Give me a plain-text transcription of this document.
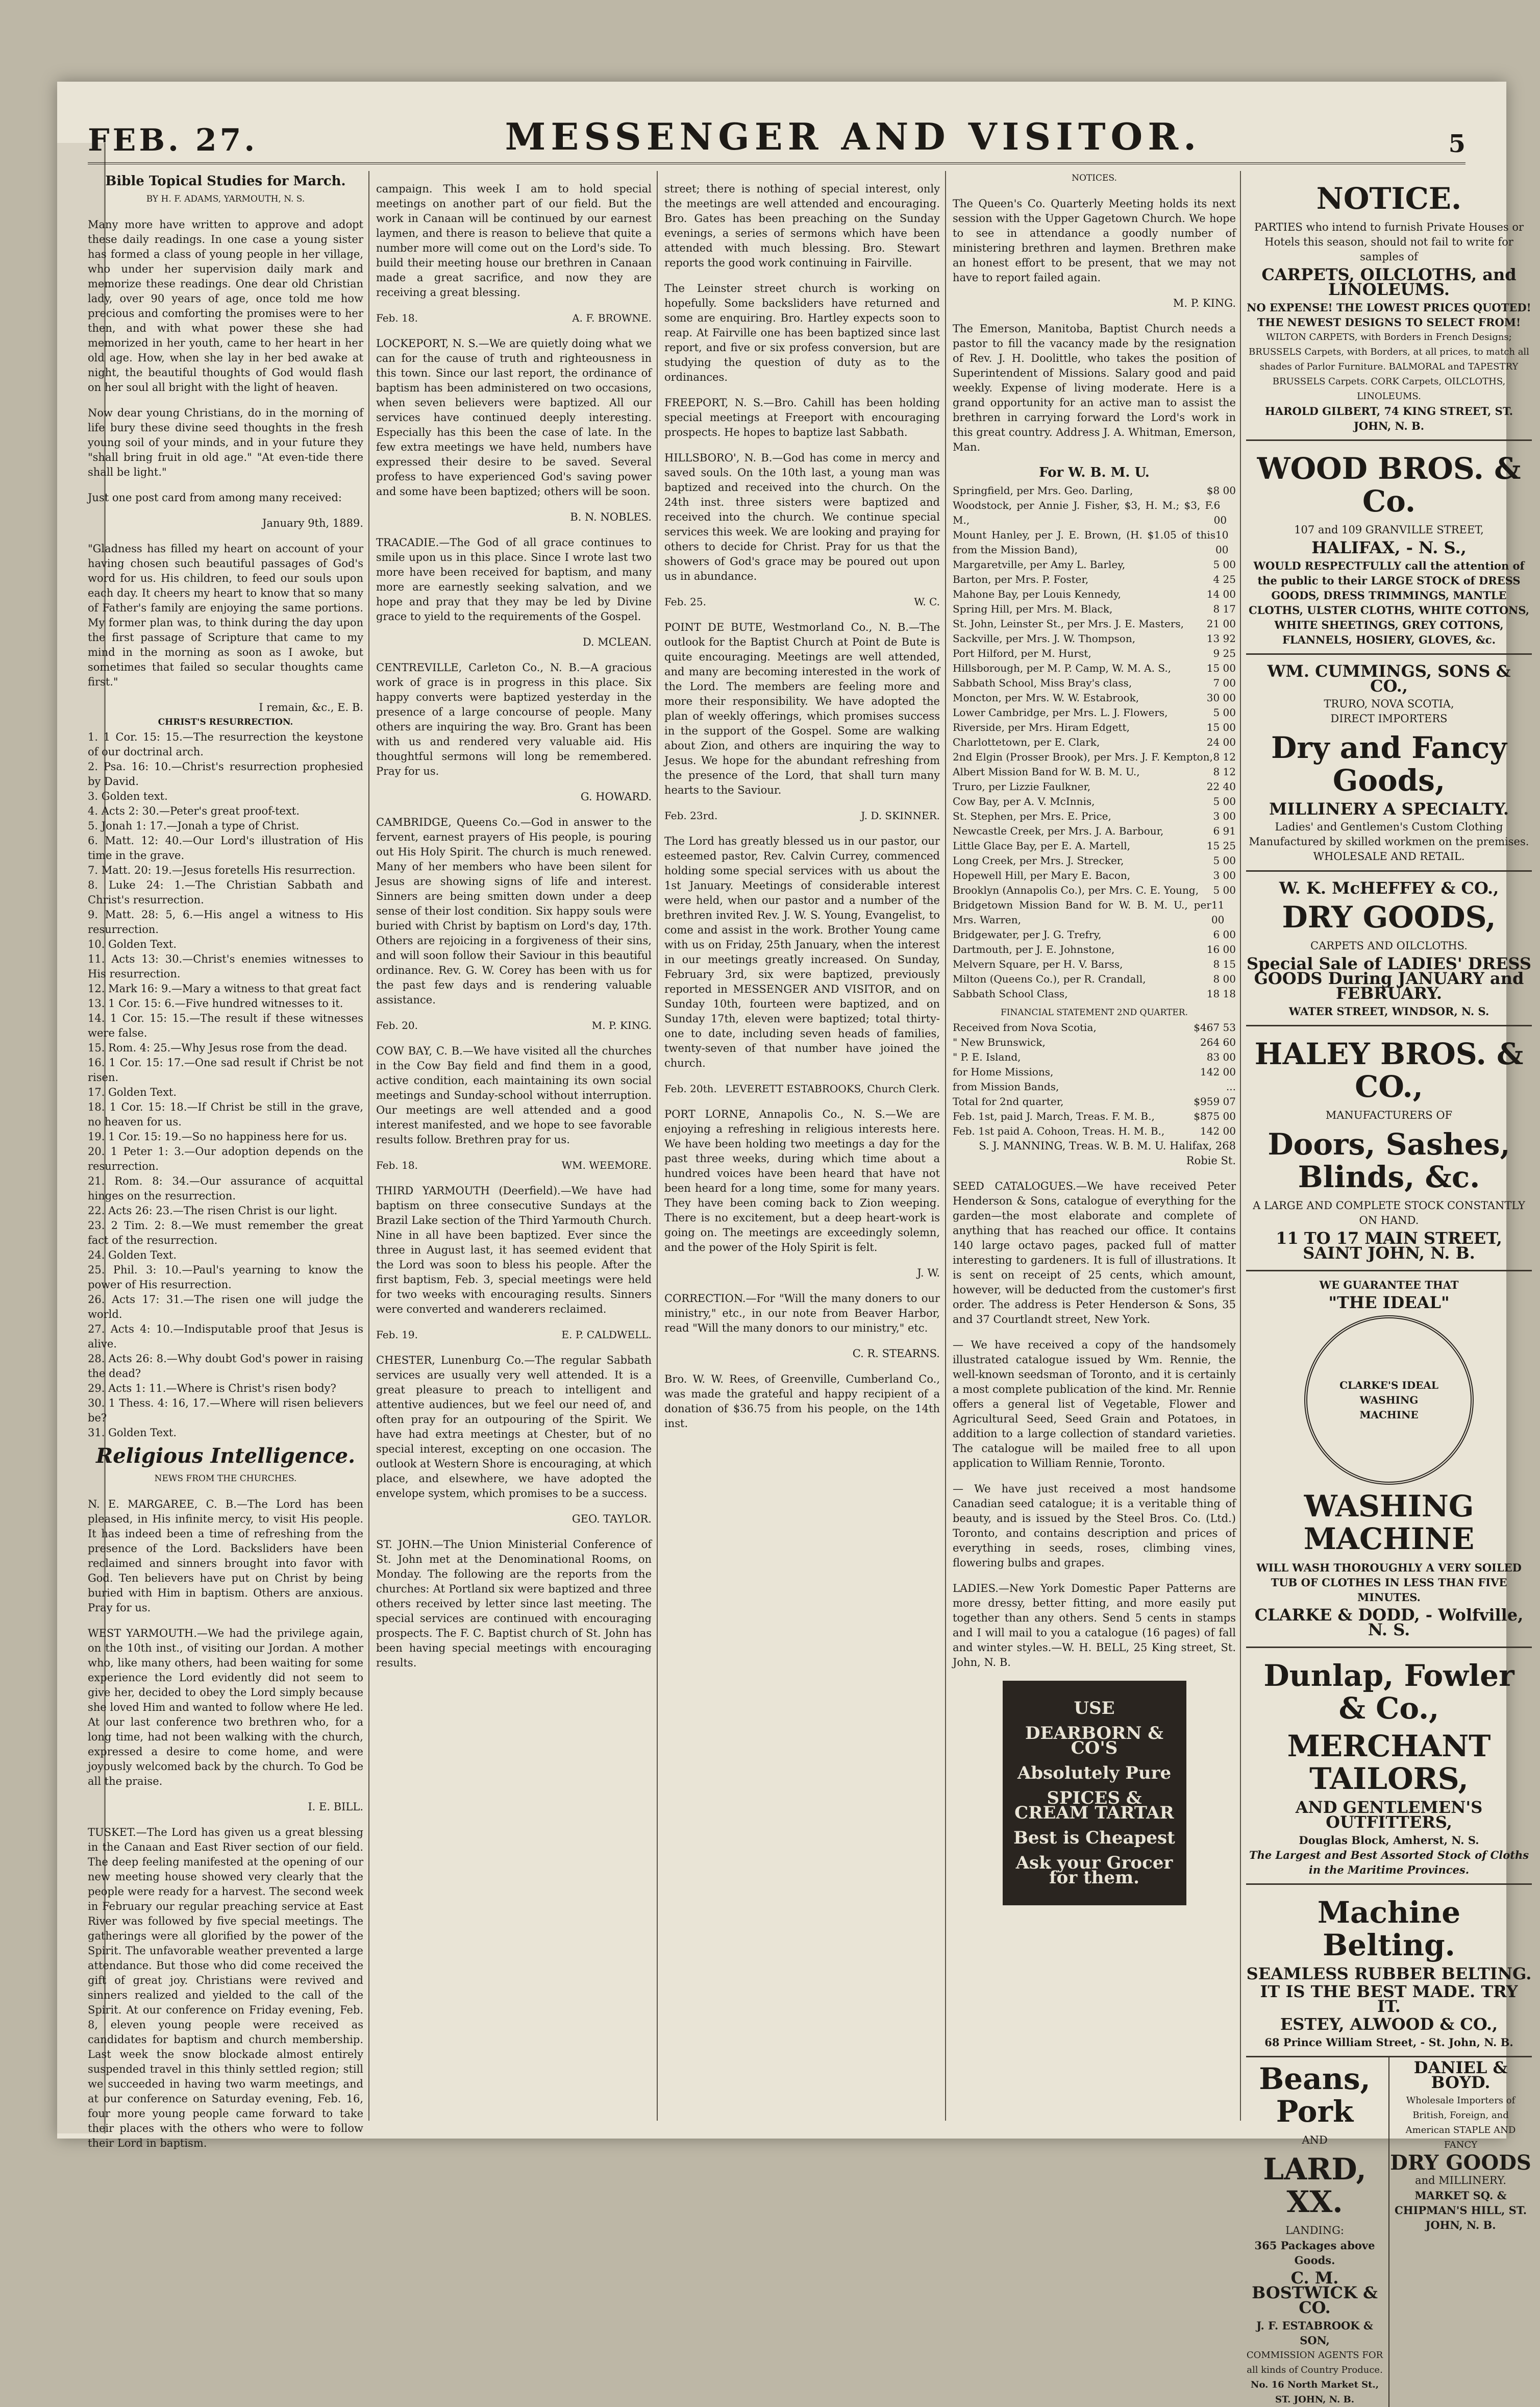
FEB. 27.	MESSENGER AND VISITOR.	5
Bible Topical Studies for March.
BY H. F. ADAMS, YARMOUTH, N. S.

Many more have written to approve and adopt these daily readings. In one case a young sister has formed a class of young people in her village, who under her supervision daily mark and memorize these readings. One dear old Christian lady, over 90 years of age, once told me how precious and comforting the promises were to her then, and with what power these she had memorized in her youth, came to her heart in her old age. How, when she lay in her bed awake at night, the beautiful thoughts of God would flash on her soul all bright with the light of heaven.

Now dear young Christians, do in the morning of life bury these divine seed thoughts in the fresh young soil of your minds, and in your future they "shall bring fruit in old age." "At even-tide there shall be light."

Just one post card from among many received:

January 9th, 1889.

"Gladness has filled my heart on account of your having chosen such beautiful passages of God's word for us. His children, to feed our souls upon each day. It cheers my heart to know that so many of Father's family are enjoying the same portions. My former plan was, to think during the day upon the first passage of Scripture that came to my mind in the morning as soon as I awoke, but sometimes that failed so secular thoughts came first."

I remain, &c., E. B.
CHRIST'S RESURRECTION.
1. 1 Cor. 15: 15.—The resurrection the keystone of our doctrinal arch.
2. Psa. 16: 10.—Christ's resurrection prophesied by David.
3. Golden text.
4. Acts 2: 30.—Peter's great proof-text.
5. Jonah 1: 17.—Jonah a type of Christ.
6. Matt. 12: 40.—Our Lord's illustration of His time in the grave.
7. Matt. 20: 19.—Jesus foretells His resurrection.
8. Luke 24: 1.—The Christian Sabbath and Christ's resurrection.
9. Matt. 28: 5, 6.—His angel a witness to His resurrection.
10. Golden Text.
11. Acts 13: 30.—Christ's enemies witnesses to His resurrection.
12. Mark 16: 9.—Mary a witness to that great fact
13. 1 Cor. 15: 6.—Five hundred witnesses to it.
14. 1 Cor. 15: 15.—The result if these witnesses were false.
15. Rom. 4: 25.—Why Jesus rose from the dead.
16. 1 Cor. 15: 17.—One sad result if Christ be not risen.
17. Golden Text.
18. 1 Cor. 15: 18.—If Christ be still in the grave, no heaven for us.
19. 1 Cor. 15: 19.—So no happiness here for us.
20. 1 Peter 1: 3.—Our adoption depends on the resurrection.
21. Rom. 8: 34.—Our assurance of acquittal hinges on the resurrection.
22. Acts 26: 23.—The risen Christ is our light.
23. 2 Tim. 2: 8.—We must remember the great fact of the resurrection.
24. Golden Text.
25. Phil. 3: 10.—Paul's yearning to know the power of His resurrection.
26. Acts 17: 31.—The risen one will judge the world.
27. Acts 4: 10.—Indisputable proof that Jesus is alive.
28. Acts 26: 8.—Why doubt God's power in raising the dead?
29. Acts 1: 11.—Where is Christ's risen body?
30. 1 Thess. 4: 16, 17.—Where will risen believers be?
31. Golden Text.
Religious Intelligence.
NEWS FROM THE CHURCHES.

N. E. MARGAREE, C. B.—The Lord has been pleased, in His infinite mercy, to visit His people. It has indeed been a time of refreshing from the presence of the Lord. Backsliders have been reclaimed and sinners brought into favor with God. Ten believers have put on Christ by being buried with Him in baptism. Others are anxious. Pray for us.

WEST YARMOUTH.—We had the privilege again, on the 10th inst., of visiting our Jordan. A mother who, like many others, had been waiting for some experience the Lord evidently did not seem to give her, decided to obey the Lord simply because she loved Him and wanted to follow where He led. At our last conference two brethren who, for a long time, had not been walking with the church, expressed a desire to come home, and were joyously welcomed back by the church. To God be all the praise.

I. E. BILL.

TUSKET.—The Lord has given us a great blessing in the Canaan and East River section of our field. The deep feeling manifested at the opening of our new meeting house showed very clearly that the people were ready for a harvest. The second week in February our regular preaching service at East River was followed by five special meetings. The gatherings were all glorified by the power of the Spirit. The unfavorable weather prevented a large attendance. But those who did come received the gift of great joy. Christians were revived and sinners realized and yielded to the call of the Spirit. At our conference on Friday evening, Feb. 8, eleven young people were received as candidates for baptism and church membership. Last week the snow blockade almost entirely suspended travel in this thinly settled region; still we succeeded in having two warm meetings, and at our conference on Saturday evening, Feb. 16, four more young people came forward to take their places with the others who were to follow their Lord in baptism.

campaign. This week I am to hold special meetings on another part of our field. But the work in Canaan will be continued by our earnest laymen, and there is reason to believe that quite a number more will come out on the Lord's side. To build their meeting house our brethren in Canaan made a great sacrifice, and now they are receiving a great blessing.

Feb. 18.	A. F. BROWNE.

LOCKEPORT, N. S.—We are quietly doing what we can for the cause of truth and righteousness in this town. Since our last report, the ordinance of baptism has been administered on two occasions, when seven believers were baptized. All our services have continued deeply interesting. Especially has this been the case of late. In the few extra meetings we have held, numbers have expressed their desire to be saved. Several profess to have experienced God's saving power and some have been baptized; others will be soon.

B. N. NOBLES.

TRACADIE.—The God of all grace continues to smile upon us in this place. Since I wrote last two more have been received for baptism, and many more are earnestly seeking salvation, and we hope and pray that they may be led by Divine grace to yield to the requirements of the Gospel.

D. MCLEAN.

CENTREVILLE, Carleton Co., N. B.—A gracious work of grace is in progress in this place. Six happy converts were baptized yesterday in the presence of a large concourse of people. Many others are inquiring the way. Bro. Grant has been with us and rendered very valuable aid. His thoughtful sermons will long be remembered. Pray for us.

G. HOWARD.

CAMBRIDGE, Queens Co.—God in answer to the fervent, earnest prayers of His people, is pouring out His Holy Spirit. The church is much renewed. Many of her members who have been silent for Jesus are showing signs of life and interest. Sinners are being smitten down under a deep sense of their lost condition. Six happy souls were buried with Christ by baptism on Lord's day, 17th. Others are rejoicing in a forgiveness of their sins, and will soon follow their Saviour in this beautiful ordinance. Rev. G. W. Corey has been with us for the past few days and is rendering valuable assistance.

Feb. 20.	M. P. KING.

COW BAY, C. B.—We have visited all the churches in the Cow Bay field and find them in a good, active condition, each maintaining its own social meetings and Sunday-school without interruption. Our meetings are well attended and a good interest manifested, and we hope to see favorable results follow. Brethren pray for us.

Feb. 18.	WM. WEEMORE.

THIRD YARMOUTH (Deerfield).—We have had baptism on three consecutive Sundays at the Brazil Lake section of the Third Yarmouth Church. Nine in all have been baptized. Ever since the three in August last, it has seemed evident that the Lord was soon to bless his people. After the first baptism, Feb. 3, special meetings were held for two weeks with encouraging results. Sinners were converted and wanderers reclaimed.

Feb. 19.	E. P. CALDWELL.

CHESTER, Lunenburg Co.—The regular Sabbath services are usually very well attended. It is a great pleasure to preach to intelligent and attentive audiences, but we feel our need of, and often pray for an outpouring of the Spirit. We have had extra meetings at Chester, but of no special interest, excepting on one occasion. The outlook at Western Shore is encouraging, at which place, and elsewhere, we have adopted the envelope system, which promises to be a success.

GEO. TAYLOR.

ST. JOHN.—The Union Ministerial Conference of St. John met at the Denominational Rooms, on Monday. The following are the reports from the churches: At Portland six were baptized and three others received by letter since last meeting. The special services are continued with encouraging prospects. The F. C. Baptist church of St. John has been having special meetings with encouraging results.

street; there is nothing of special interest, only the meetings are well attended and encouraging. Bro. Gates has been preaching on the Sunday evenings, a series of sermons which have been attended with much blessing. Bro. Stewart reports the good work continuing in Fairville.

The Leinster street church is working on hopefully. Some backsliders have returned and some are enquiring. Bro. Hartley expects soon to reap. At Fairville one has been baptized since last report, and five or six profess conversion, but are studying the question of duty as to the ordinances.

FREEPORT, N. S.—Bro. Cahill has been holding special meetings at Freeport with encouraging prospects. He hopes to baptize last Sabbath.

HILLSBORO', N. B.—God has come in mercy and saved souls. On the 10th last, a young man was baptized and received into the church. On the 24th inst. three sisters were baptized and received into the church. We continue special services this week. We are looking and praying for others to decide for Christ. Pray for us that the showers of God's grace may be poured out upon us in abundance.

Feb. 25.	W. C.

POINT DE BUTE, Westmorland Co., N. B.—The outlook for the Baptist Church at Point de Bute is quite encouraging. Meetings are well attended, and many are becoming interested in the work of the Lord. The members are feeling more and more their responsibility. We have adopted the plan of weekly offerings, which promises success in the support of the Gospel. Some are walking about Zion, and others are inquiring the way to Jesus. We hope for the abundant refreshing from the presence of the Lord, that shall turn many hearts to the Saviour.

Feb. 23rd.	J. D. SKINNER.

The Lord has greatly blessed us in our pastor, our esteemed pastor, Rev. Calvin Currey, commenced holding some special services with us about the 1st January. Meetings of considerable interest were held, when our pastor and a number of the brethren invited Rev. J. W. S. Young, Evangelist, to come and assist in the work. Brother Young came with us on Friday, 25th January, when the interest in our meetings greatly increased. On Sunday, February 3rd, six were baptized, previously reported in MESSENGER AND VISITOR, and on Sunday 10th, fourteen were baptized, and on Sunday 17th, eleven were baptized; total thirty-one to date, including seven heads of families, twenty-seven of that number have joined the church.

Feb. 20th. LEVERETT ESTABROOKS, Church Clerk.

PORT LORNE, Annapolis Co., N. S.—We are enjoying a refreshing in religious interests here. We have been holding two meetings a day for the past three weeks, during which time about a hundred voices have been heard that have not been heard for a long time, some for many years. They have been coming back to Zion weeping. There is no excitement, but a deep heart-work is going on. The meetings are exceedingly solemn, and the power of the Holy Spirit is felt.

J. W.

CORRECTION.—For "Will the many doners to our ministry," etc., in our note from Beaver Harbor, read "Will the many donors to our ministry," etc.

C. R. STEARNS.

Bro. W. W. Rees, of Greenville, Cumberland Co., was made the grateful and happy recipient of a donation of $36.75 from his people, on the 14th inst.

NOTICES.

The Queen's Co. Quarterly Meeting holds its next session with the Upper Gagetown Church. We hope to see in attendance a goodly number of ministering brethren and laymen. Brethren make an honest effort to be present, that we may not have to report failed again.

M. P. KING.

The Emerson, Manitoba, Baptist Church needs a pastor to fill the vacancy made by the resignation of Rev. J. H. Doolittle, who takes the position of Superintendent of Missions. Salary good and paid weekly. Expense of living moderate. Here is a grand opportunity for an active man to assist the brethren in carrying forward the Lord's work in this great country. Address J. A. Whitman, Emerson, Man.

For W. B. M. U.
Springfield, per Mrs. Geo. Darling,	$8 00
Woodstock, per Annie J. Fisher, $3, H. M.; $3, F. M.,
6 00
Mount Hanley, per J. E. Brown, (H. $1.05 of this from the Mission Band),
10 00
Margaretville, per Amy L. Barley,	5 00
Barton, per Mrs. P. Foster,	4 25
Mahone Bay, per Louis Kennedy,	14 00
Spring Hill, per Mrs. M. Black,	8 17
St. John, Leinster St., per Mrs. J. E. Masters, 21 00
Sackville, per Mrs. J. W. Thompson,	13 92
Port Hilford, per M. Hurst,	9 25
Hillsborough, per M. P. Camp, W. M. A. S.,	15 00
Sabbath School, Miss Bray's class,	7 00
Moncton, per Mrs. W. W. Estabrook,	30 00
Lower Cambridge, per Mrs. L. J. Flowers,	5 00
Riverside, per Mrs. Hiram Edgett,	15 00
Charlottetown, per E. Clark,	24 00
2nd Elgin (Prosser Brook), per Mrs. J. F. Kempton, 8 12
Albert Mission Band for W. B. M. U.,	8 12
Truro, per Lizzie Faulkner,	22 40
Cow Bay, per A. V. McInnis,	5 00
St. Stephen, per Mrs. E. Price,	3 00
Newcastle Creek, per Mrs. J. A. Barbour,	6 91
Little Glace Bay, per E. A. Martell,	15 25
Long Creek, per Mrs. J. Strecker,	5 00
Hopewell Hill, per Mary E. Bacon,	3 00
Brooklyn (Annapolis Co.), per Mrs. C. E. Young, 5 00
Bridgetown Mission Band for W. B. M. U., per Mrs. Warren,
11 00
Bridgewater, per J. G. Trefry,	6 00
Dartmouth, per J. E. Johnstone,	16 00
Melvern Square, per H. V. Barss,	8 15
Milton (Queens Co.), per R. Crandall,	8 00
Sabbath School Class,	18 18
FINANCIAL STATEMENT 2ND QUARTER.
Received from Nova Scotia,	$467 53
" New Brunswick,	264 60
" P. E. Island,	83 00
for Home Missions,	142 00
from Mission Bands,	...
Total for 2nd quarter,	$959 07
Feb. 1st, paid J. March, Treas. F. M. B.,	$875 00
Feb. 1st paid A. Cohoon, Treas. H. M. B.,	142 00
S. J. MANNING, Treas. W. B. M. U. Halifax, 268 Robie St.

SEED CATALOGUES.—We have received Peter Henderson & Sons, catalogue of everything for the garden—the most elaborate and complete of anything that has reached our office. It contains 140 large octavo pages, packed full of matter interesting to gardeners. It is full of illustrations. It is sent on receipt of 25 cents, which amount, however, will be deducted from the customer's first order. The address is Peter Henderson & Sons, 35 and 37 Courtlandt street, New York.

— We have received a copy of the handsomely illustrated catalogue issued by Wm. Rennie, the well-known seedsman of Toronto, and it is certainly a most complete publication of the kind. Mr. Rennie offers a general list of Vegetable, Flower and Agricultural Seed, Seed Grain and Potatoes, in addition to a large collection of standard varieties. The catalogue will be mailed free to all upon application to William Rennie, Toronto.

— We have just received a most handsome Canadian seed catalogue; it is a veritable thing of beauty, and is issued by the Steel Bros. Co. (Ltd.) Toronto, and contains description and prices of everything in seeds, roses, climbing vines, flowering bulbs and grapes.

LADIES.—New York Domestic Paper Patterns are more dressy, better fitting, and more easily put together than any others. Send 5 cents in stamps and I will mail to you a catalogue (16 pages) of fall and winter styles.—W. H. BELL, 25 King street, St. John, N. B.

USE
DEARBORN & CO'S
Absolutely Pure
SPICES & CREAM TARTAR
Best is Cheapest
Ask your Grocer for them.
NOTICE.
PARTIES who intend to furnish Private Houses or Hotels this season, should not fail to write for samples of
CARPETS, OILCLOTHS, and LINOLEUMS.
NO EXPENSE! THE LOWEST PRICES QUOTED!
THE NEWEST DESIGNS TO SELECT FROM!
WILTON CARPETS, with Borders in French Designs; BRUSSELS Carpets, with Borders, at all prices, to match all shades of Parlor Furniture. BALMORAL and TAPESTRY BRUSSELS Carpets. CORK Carpets, OILCLOTHS, LINOLEUMS.
HAROLD GILBERT, 74 KING STREET, ST. JOHN, N. B.
WOOD BROS. & Co.
107 and 109 GRANVILLE STREET,
HALIFAX, - N. S.,
WOULD RESPECTFULLY call the attention of the public to their LARGE STOCK of DRESS GOODS, DRESS TRIMMINGS, MANTLE CLOTHS, ULSTER CLOTHS, WHITE COTTONS, WHITE SHEETINGS, GREY COTTONS, FLANNELS, HOSIERY, GLOVES, &c.
WM. CUMMINGS, SONS & CO.,
TRURO, NOVA SCOTIA,
DIRECT IMPORTERS
Dry and Fancy Goods,
MILLINERY A SPECIALTY.
Ladies' and Gentlemen's Custom Clothing Manufactured by skilled workmen on the premises. WHOLESALE AND RETAIL.
W. K. McHEFFEY & CO.,
DRY GOODS,
CARPETS AND OILCLOTHS.
Special Sale of LADIES' DRESS GOODS During JANUARY and FEBRUARY.
WATER STREET, WINDSOR, N. S.
HALEY BROS. & CO.,
MANUFACTURERS OF
Doors, Sashes, Blinds, &c.
A LARGE AND COMPLETE STOCK CONSTANTLY ON HAND.
11 TO 17 MAIN STREET, SAINT JOHN, N. B.
WE GUARANTEE THAT
"THE IDEAL"
CLARKE'S IDEAL WASHING MACHINE
WASHING MACHINE
WILL WASH THOROUGHLY A VERY SOILED TUB OF CLOTHES IN LESS THAN FIVE MINUTES.
CLARKE & DODD, - Wolfville, N. S.
Dunlap, Fowler & Co.,
MERCHANT TAILORS,
AND GENTLEMEN'S OUTFITTERS,
Douglas Block, Amherst, N. S.
The Largest and Best Assorted Stock of Cloths in the Maritime Provinces.
Machine Belting.
SEAMLESS RUBBER BELTING.
IT IS THE BEST MADE. TRY IT.
ESTEY, ALWOOD & CO.,
68 Prince William Street, - St. John, N. B.
Beans, Pork
AND
LARD, XX.
LANDING:
365 Packages above Goods.
C. M. BOSTWICK & CO.
J. F. ESTABROOK & SON,
COMMISSION AGENTS FOR all kinds of Country Produce.
No. 16 North Market St., ST. JOHN, N. B.
DANIEL & BOYD.
Wholesale Importers of British, Foreign, and American STAPLE AND FANCY
DRY GOODS
and MILLINERY.
MARKET SQ. & CHIPMAN'S HILL, ST. JOHN, N. B.
